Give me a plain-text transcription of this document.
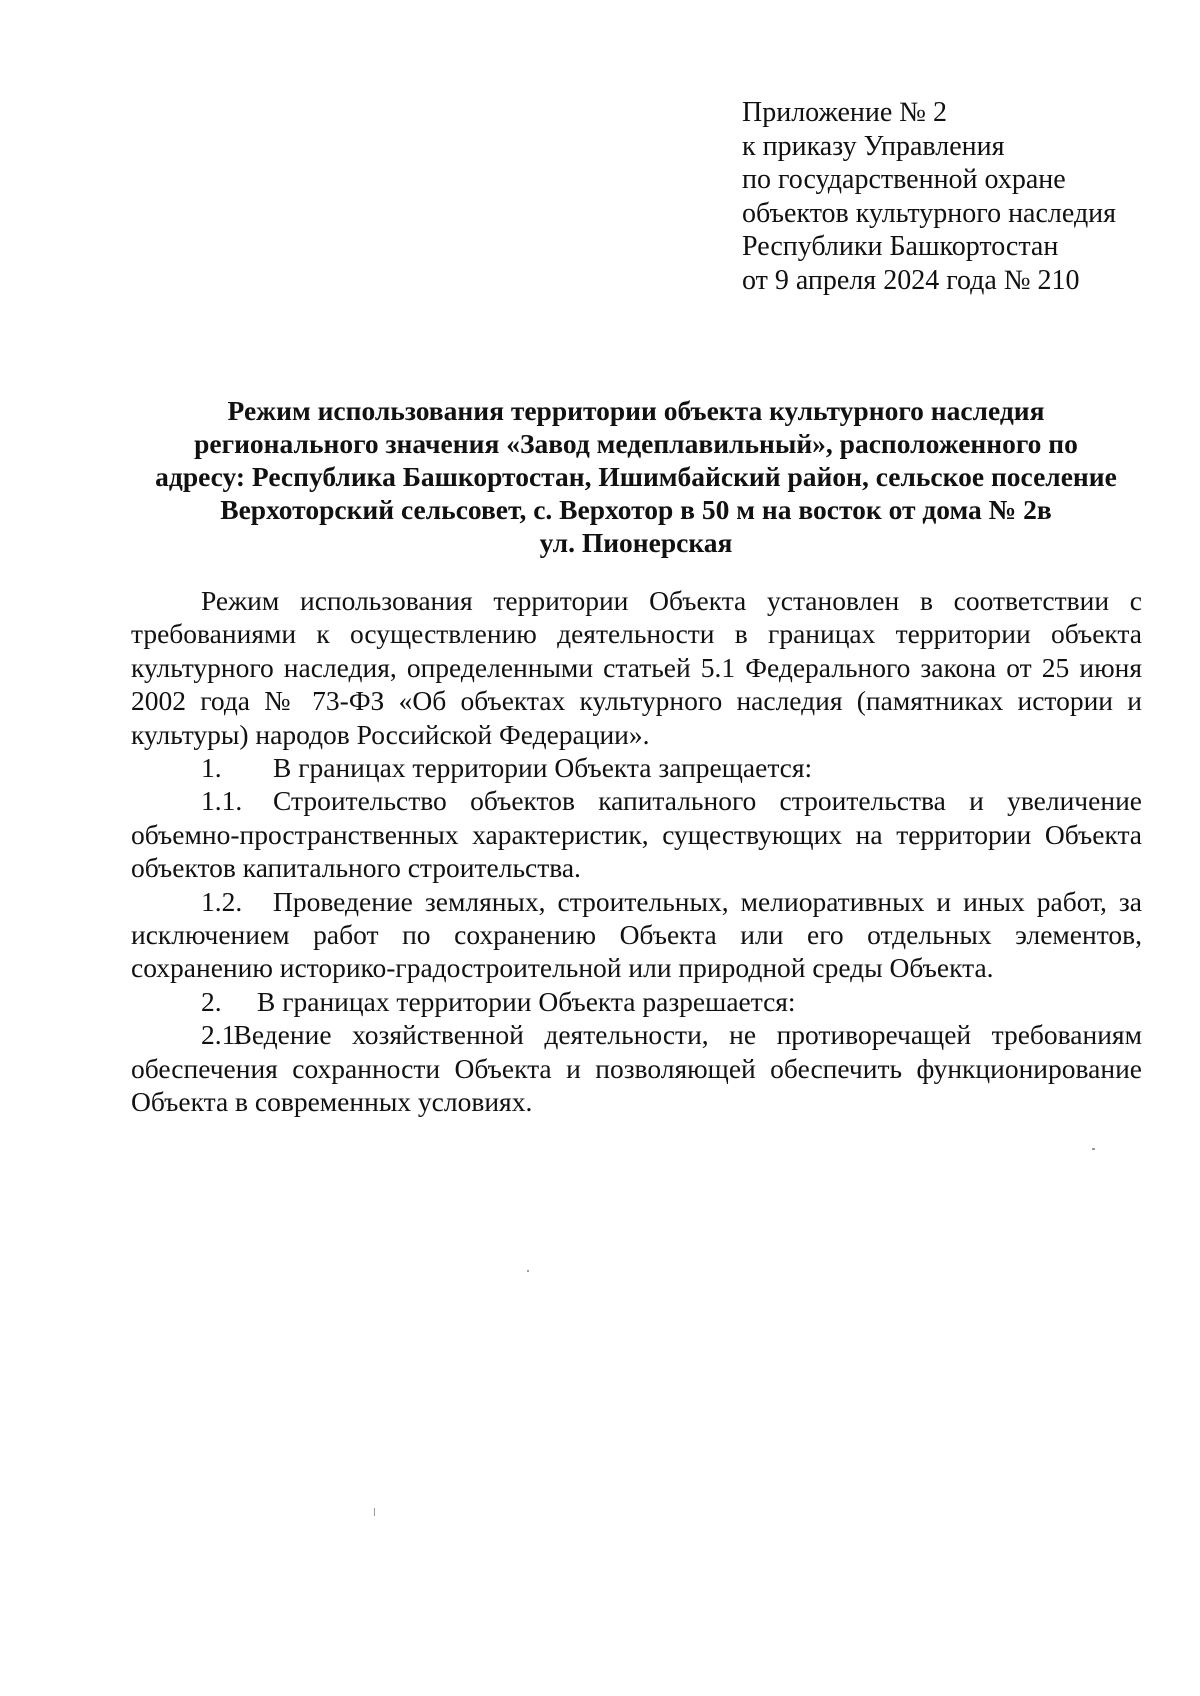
Приложение № 2
к приказу Управления
по государственной охране
объектов культурного наследия
Республики Башкортостан
от 9 апреля 2024 года № 210
Режим использования территории объекта культурного наследия
регионального значения «Завод медеплавильный», расположенного по
адресу: Республика Башкортостан, Ишимбайский район, сельское поселение
Верхоторский сельсовет, с. Верхотор в 50 м на восток от дома № 2в
ул. Пионерская

Режим использования территории Объекта установлен в соответствии с требованиями к осуществлению деятельности в границах территории объекта культурного наследия, определенными статьей 5.1 Федерального закона от 25 июня 2002 года № 73-ФЗ «Об объектах культурного наследия (памятниках истории и культуры) народов Российской Федерации».

1.	В границах территории Объекта запрещается:

1.1. Строительство объектов капитального строительства и увеличение объемно-пространственных характеристик, существующих на территории Объекта объектов капитального строительства.

1.2. Проведение земляных, строительных, мелиоративных и иных работ, за исключением работ по сохранению Объекта или его отдельных элементов, сохранению историко-градостроительной или природной среды Объекта.

2.	В границах территории Объекта разрешается:

2.1. Ведение хозяйственной деятельности, не противоречащей требованиям обеспечения сохранности Объекта и позволяющей обеспечить функционирование Объекта в современных условиях.
